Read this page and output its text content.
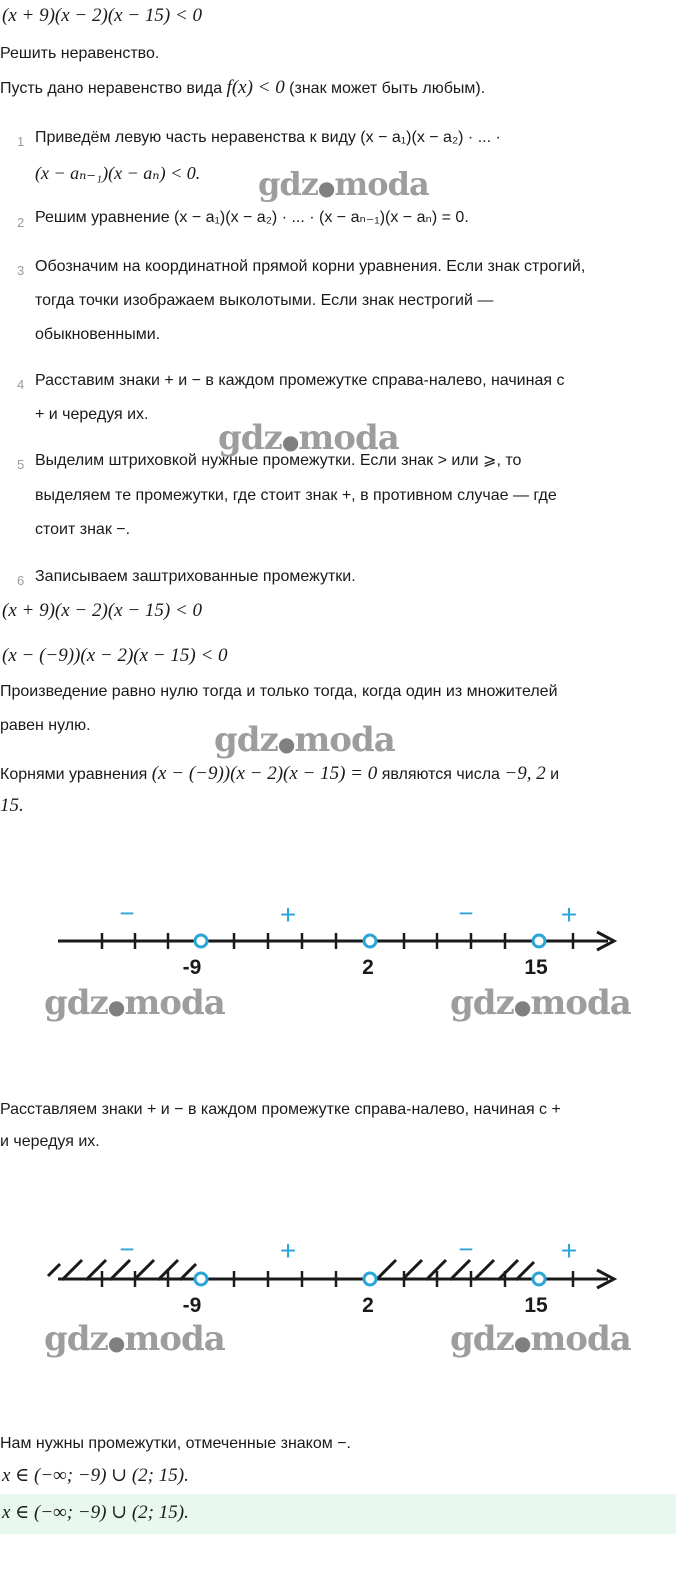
(x + 9)(x − 2)(x − 15) < 0
Решить неравенство.
Пусть дано неравенство вида f(x) < 0 (знак может быть любым).
1 Приведём левую часть неравенства к виду (x − a₁)(x − a₂) · ... ·
(x − aₙ₋₁)(x − aₙ) < 0.
2 Решим уравнение (x − a₁)(x − a₂) · ... · (x − aₙ₋₁)(x − aₙ) = 0.
3 Обозначим на координатной прямой корни уравнения. Если знак строгий,
тогда точки изображаем выколотыми. Если знак нестрогий —
обыкновенными.
4 Расставим знаки + и − в каждом промежутке справа-налево, начиная с
+ и чередуя их.
5 Выделим штриховкой нужные промежутки. Если знак > или ⩾, то
выделяем те промежутки, где стоит знак +, в противном случае — где
стоит знак −.
6 Записываем заштрихованные промежутки.
(x + 9)(x − 2)(x − 15) < 0
(x − (−9))(x − 2)(x − 15) < 0
Произведение равно нулю тогда и только тогда, когда один из множителей
равен нулю.
Корнями уравнения (x − (−9))(x − 2)(x − 15) = 0 являются числа −9, 2 и
15.
-9	2	15
−	+	−	+
Расставляем знаки + и − в каждом промежутке справа-налево, начиная с +
и чередуя их.
-9	2	15
−	+	−	+
Нам нужны промежутки, отмеченные знаком −.
x ∈ (−∞; −9) ∪ (2; 15).
x ∈ (−∞; −9) ∪ (2; 15).
gdz●moda
gdz●moda
gdz●moda
gdz●moda	gdz●moda
gdz●moda	gdz●moda
